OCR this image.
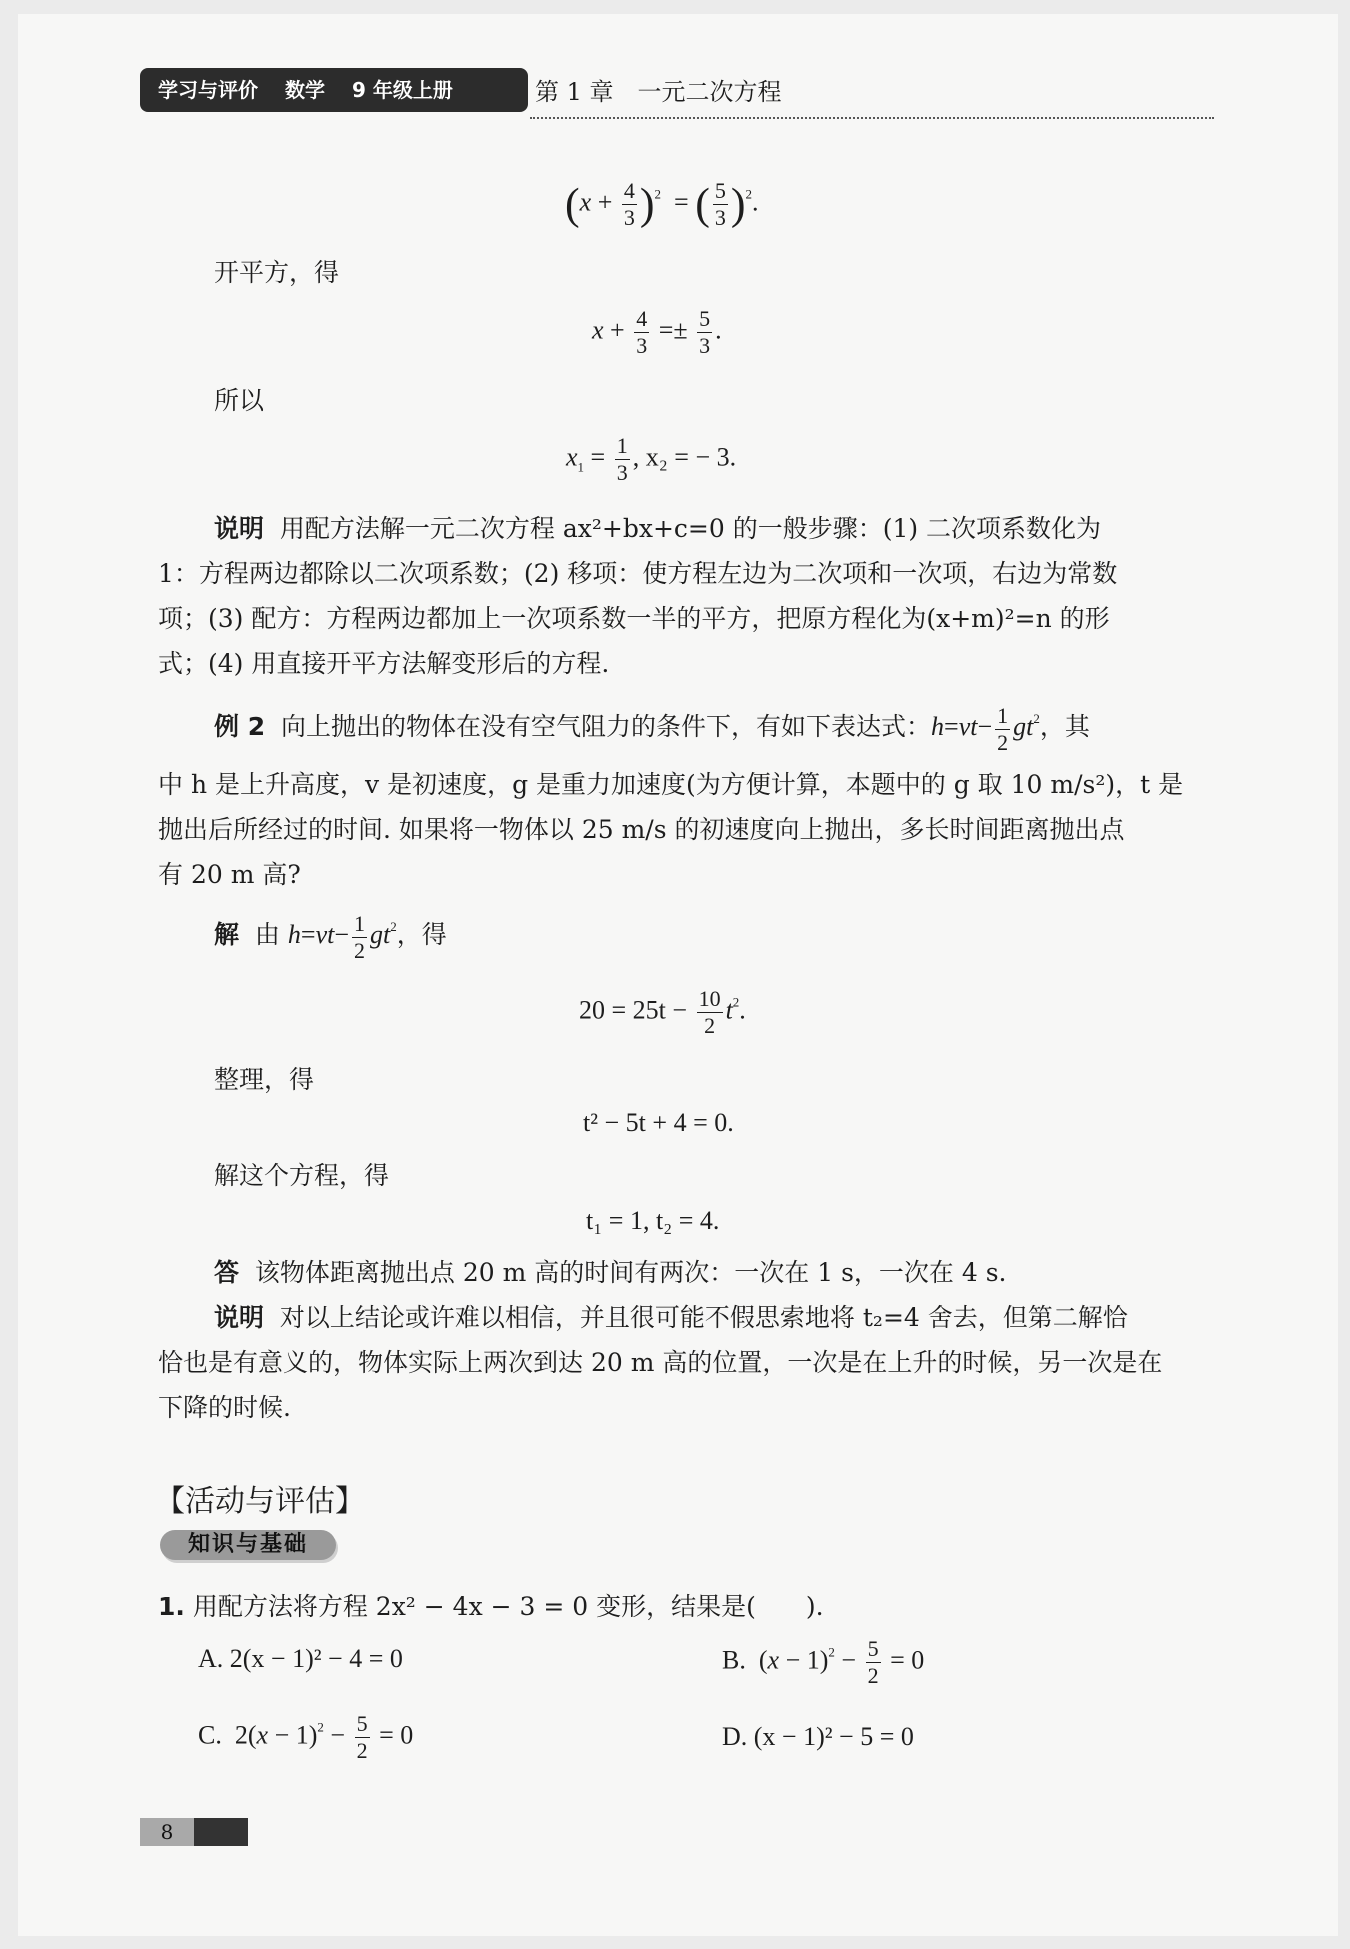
学习与评价 数学 9 年级上册	第 1 章　一元二次方程
$(x + \frac{4}{3} )^2$  = ( $\frac{5}{3} )^2$.
开平方，得
$x + \frac{4}{3} =\pm \frac{5}{3}$ .
所以
$x_1 = \frac{1}{3}$ , x₂ = − 3.
说明 用配方法解一元二次方程 ax²+bx+c=0 的一般步骤：(1) 二次项系数化为
1：方程两边都除以二次项系数；(2) 移项：使方程左边为二次项和一次项，右边为常数
项；(3) 配方：方程两边都加上一次项系数一半的平方，把原方程化为(x+m)²=n 的形
式；(4) 用直接开平方法解变形后的方程.
例 2 向上抛出的物体在没有空气阻力的条件下，有如下表达式：$h=vt- \frac{1}{2} gt^2$，其
中 h 是上升高度，v 是初速度，g 是重力加速度(为方便计算，本题中的 g 取 10 m/s²)，t 是
抛出后所经过的时间. 如果将一物体以 25 m/s 的初速度向上抛出，多长时间距离抛出点
有 20 m 高?
解 由 $h=vt- \frac{1}{2} gt^2$，得
$20 = 25t - \frac{10}{2} t^2$.
整理，得
t² − 5t + 4 = 0.
解这个方程，得
t₁ = 1, t₂ = 4.
答 该物体距离抛出点 20 m 高的时间有两次：一次在 1 s，一次在 4 s.
说明 对以上结论或许难以相信，并且很可能不假思索地将 t₂=4 舍去，但第二解恰
恰也是有意义的，物体实际上两次到达 20 m 高的位置，一次是在上升的时候，另一次是在
下降的时候.
【活动与评估】
知识与基础
1. 用配方法将方程 2x² − 4x − 3 = 0 变形，结果是(　　).
A. 2(x − 1)² − 4 = 0	B.  $(x - 1)^2 - \frac{5}{2} = 0$
C.  $2(x - 1)^2 - \frac{5}{2} = 0$	D. (x − 1)² − 5 = 0
8
